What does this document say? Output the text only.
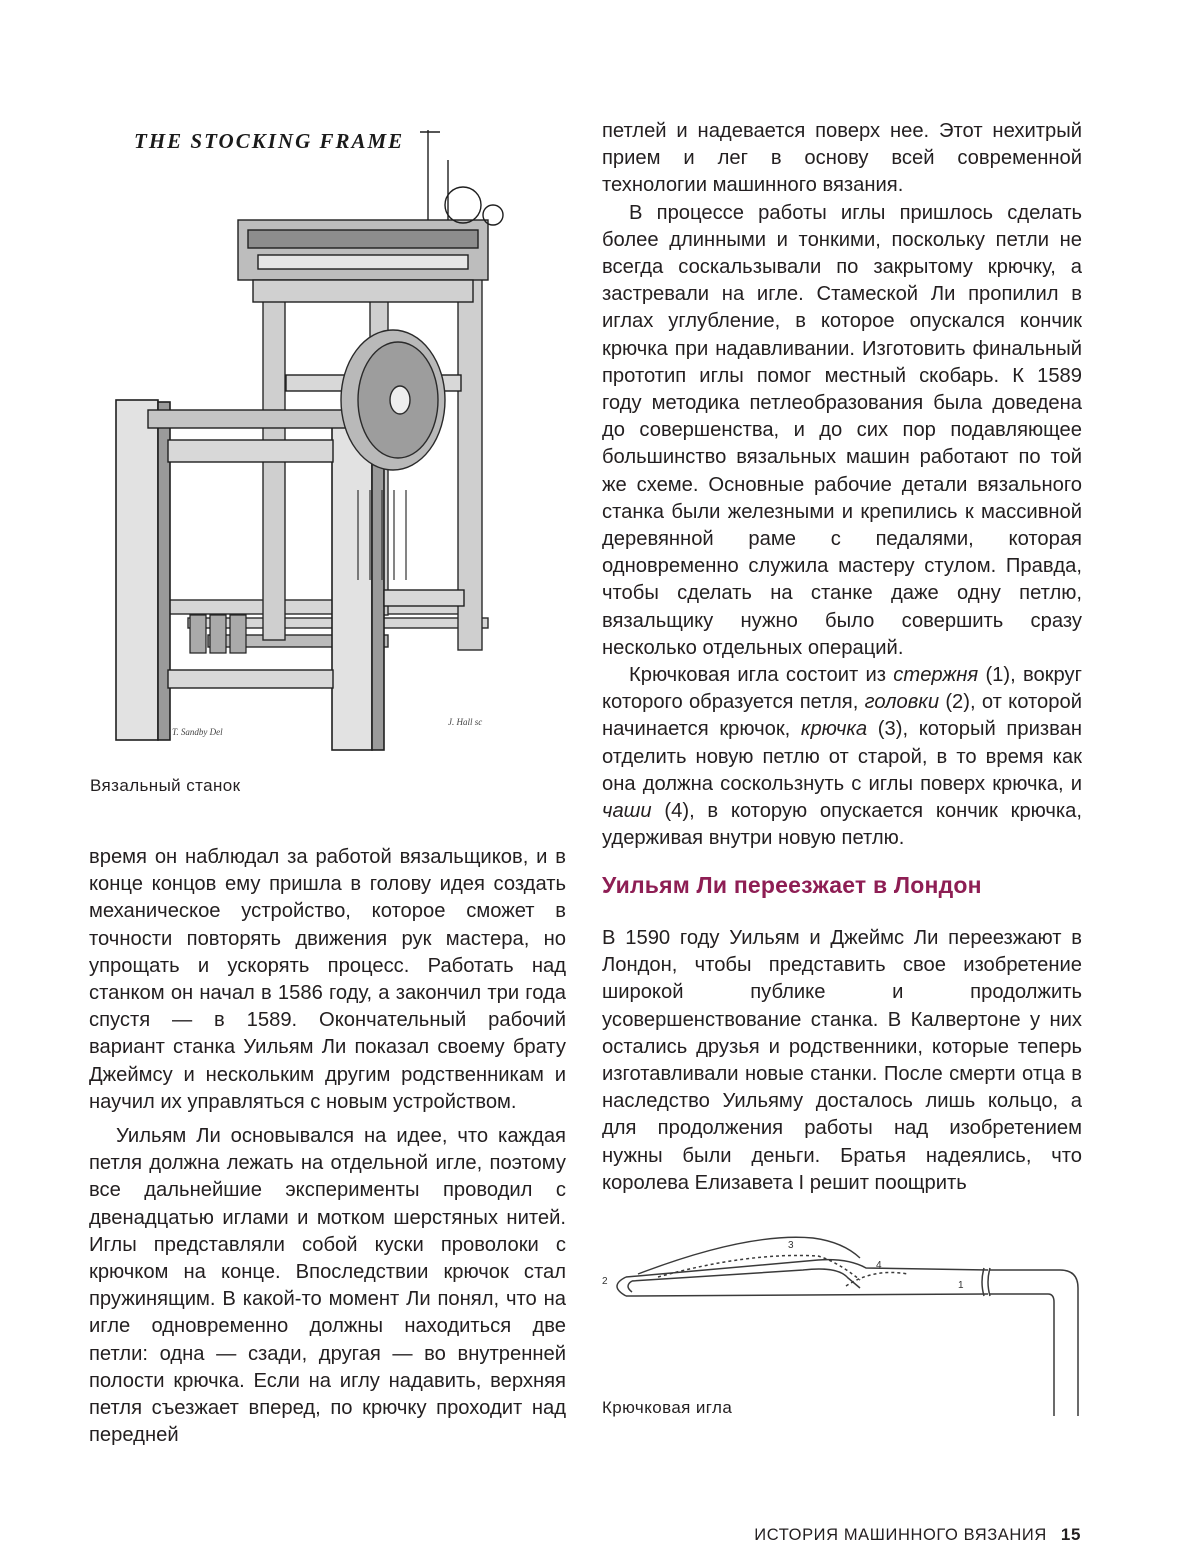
THE STOCKING FRAME
T. Sandby Del
J. Hall sc
Вязальный станок

время он наблюдал за работой вязальщиков, и в конце концов ему пришла в голову идея создать механическое устройство, которое сможет в точности повторять движения рук мастера, но упрощать и ускорять процесс. Работать над станком он начал в 1586 году, а закончил три года спустя — в 1589. Окончательный рабочий вариант станка Уильям Ли показал своему брату Джеймсу и нескольким другим родственникам и научил их управляться с новым устройством.

Уильям Ли основывался на идее, что каждая петля должна лежать на отдельной игле, поэтому все дальнейшие эксперименты проводил с двенадцатью иглами и мотком шерстяных нитей. Иглы представляли собой куски проволоки с крючком на конце. Впоследствии крючок стал пружинящим. В какой-то момент Ли понял, что на игле одновременно должны находиться две петли: одна — сзади, другая — во внутренней полости крючка. Если на иглу надавить, верхняя петля съезжает вперед, по крючку проходит над передней

петлей и надевается поверх нее. Этот нехитрый прием и лег в основу всей современной технологии машинного вязания.

В процессе работы иглы пришлось сделать более длинными и тонкими, поскольку петли не всегда соскальзывали по закрытому крючку, а застревали на игле. Стамеской Ли пропилил в иглах углубление, в которое опускался кончик крючка при надавливании. Изготовить финальный прототип иглы помог местный скобарь. К 1589 году методика петлеобразования была доведена до совершенства, и до сих пор подавляющее большинство вязальных машин работают по той же схеме. Основные рабочие детали вязального станка были железными и крепились к массивной деревянной раме с педалями, которая одновременно служила мастеру стулом. Правда, чтобы сделать на станке даже одну петлю, вязальщику нужно было совершить сразу несколько отдельных операций.

Крючковая игла состоит из стержня (1), вокруг которого образуется петля, головки (2), от которой начинается крючок, крючка (3), который призван отделить новую петлю от старой, в то время как она должна соскользнуть с иглы поверх крючка, и чаши (4), в которую опускается кончик крючка, удерживая внутри новую петлю.

Уильям Ли переезжает в Лондон

В 1590 году Уильям и Джеймс Ли переезжают в Лондон, чтобы представить свое изобретение широкой публике и продолжить усовершенствование станка. В Калвертоне у них остались друзья и родственники, которые теперь изготавливали новые станки. После смерти отца в наследство Уильяму досталось лишь кольцо, а для продолжения работы над изобретением нужны были деньги. Братья надеялись, что королева Елизавета I решит поощрить

3
4
2	1
Крючковая игла
ИСТОРИЯ МАШИННОГО ВЯЗАНИЯ 15
